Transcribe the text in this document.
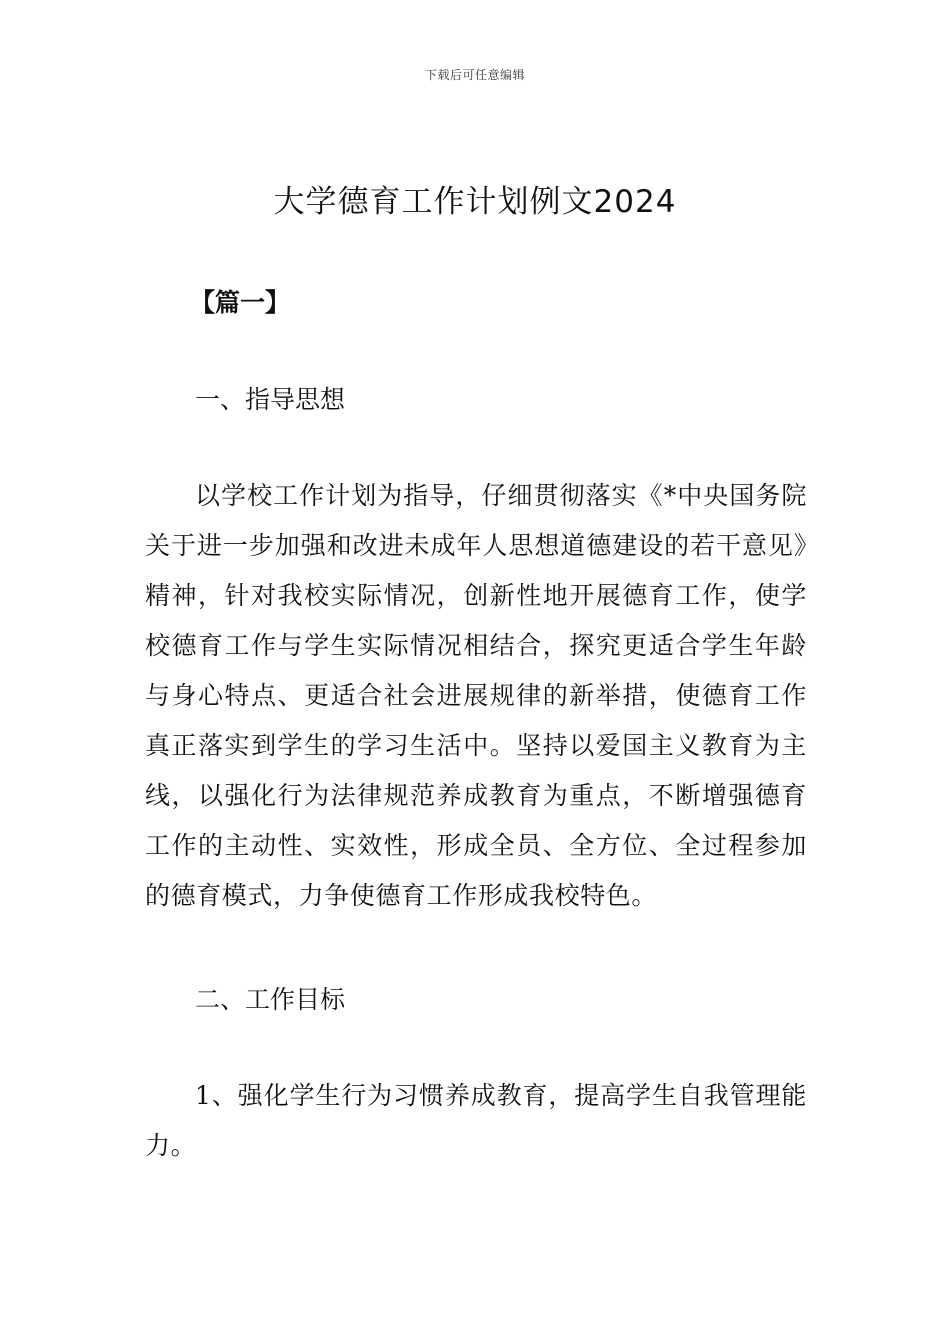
下载后可任意编辑
大学德育工作计划例文2024
【篇一】
一、指导思想

以学校工作计划为指导，仔细贯彻落实《*中央国务院关于进一步加强和改进未成年人思想道德建设的若干意见》精神，针对我校实际情况，创新性地开展德育工作，使学校德育工作与学生实际情况相结合，探究更适合学生年龄与身心特点、更适合社会进展规律的新举措，使德育工作真正落实到学生的学习生活中。坚持以爱国主义教育为主线，以强化行为法律规范养成教育为重点，不断增强德育工作的主动性、实效性，形成全员、全方位、全过程参加的德育模式，力争使德育工作形成我校特色。

二、工作目标

1、强化学生行为习惯养成教育，提高学生自我管理能力。
